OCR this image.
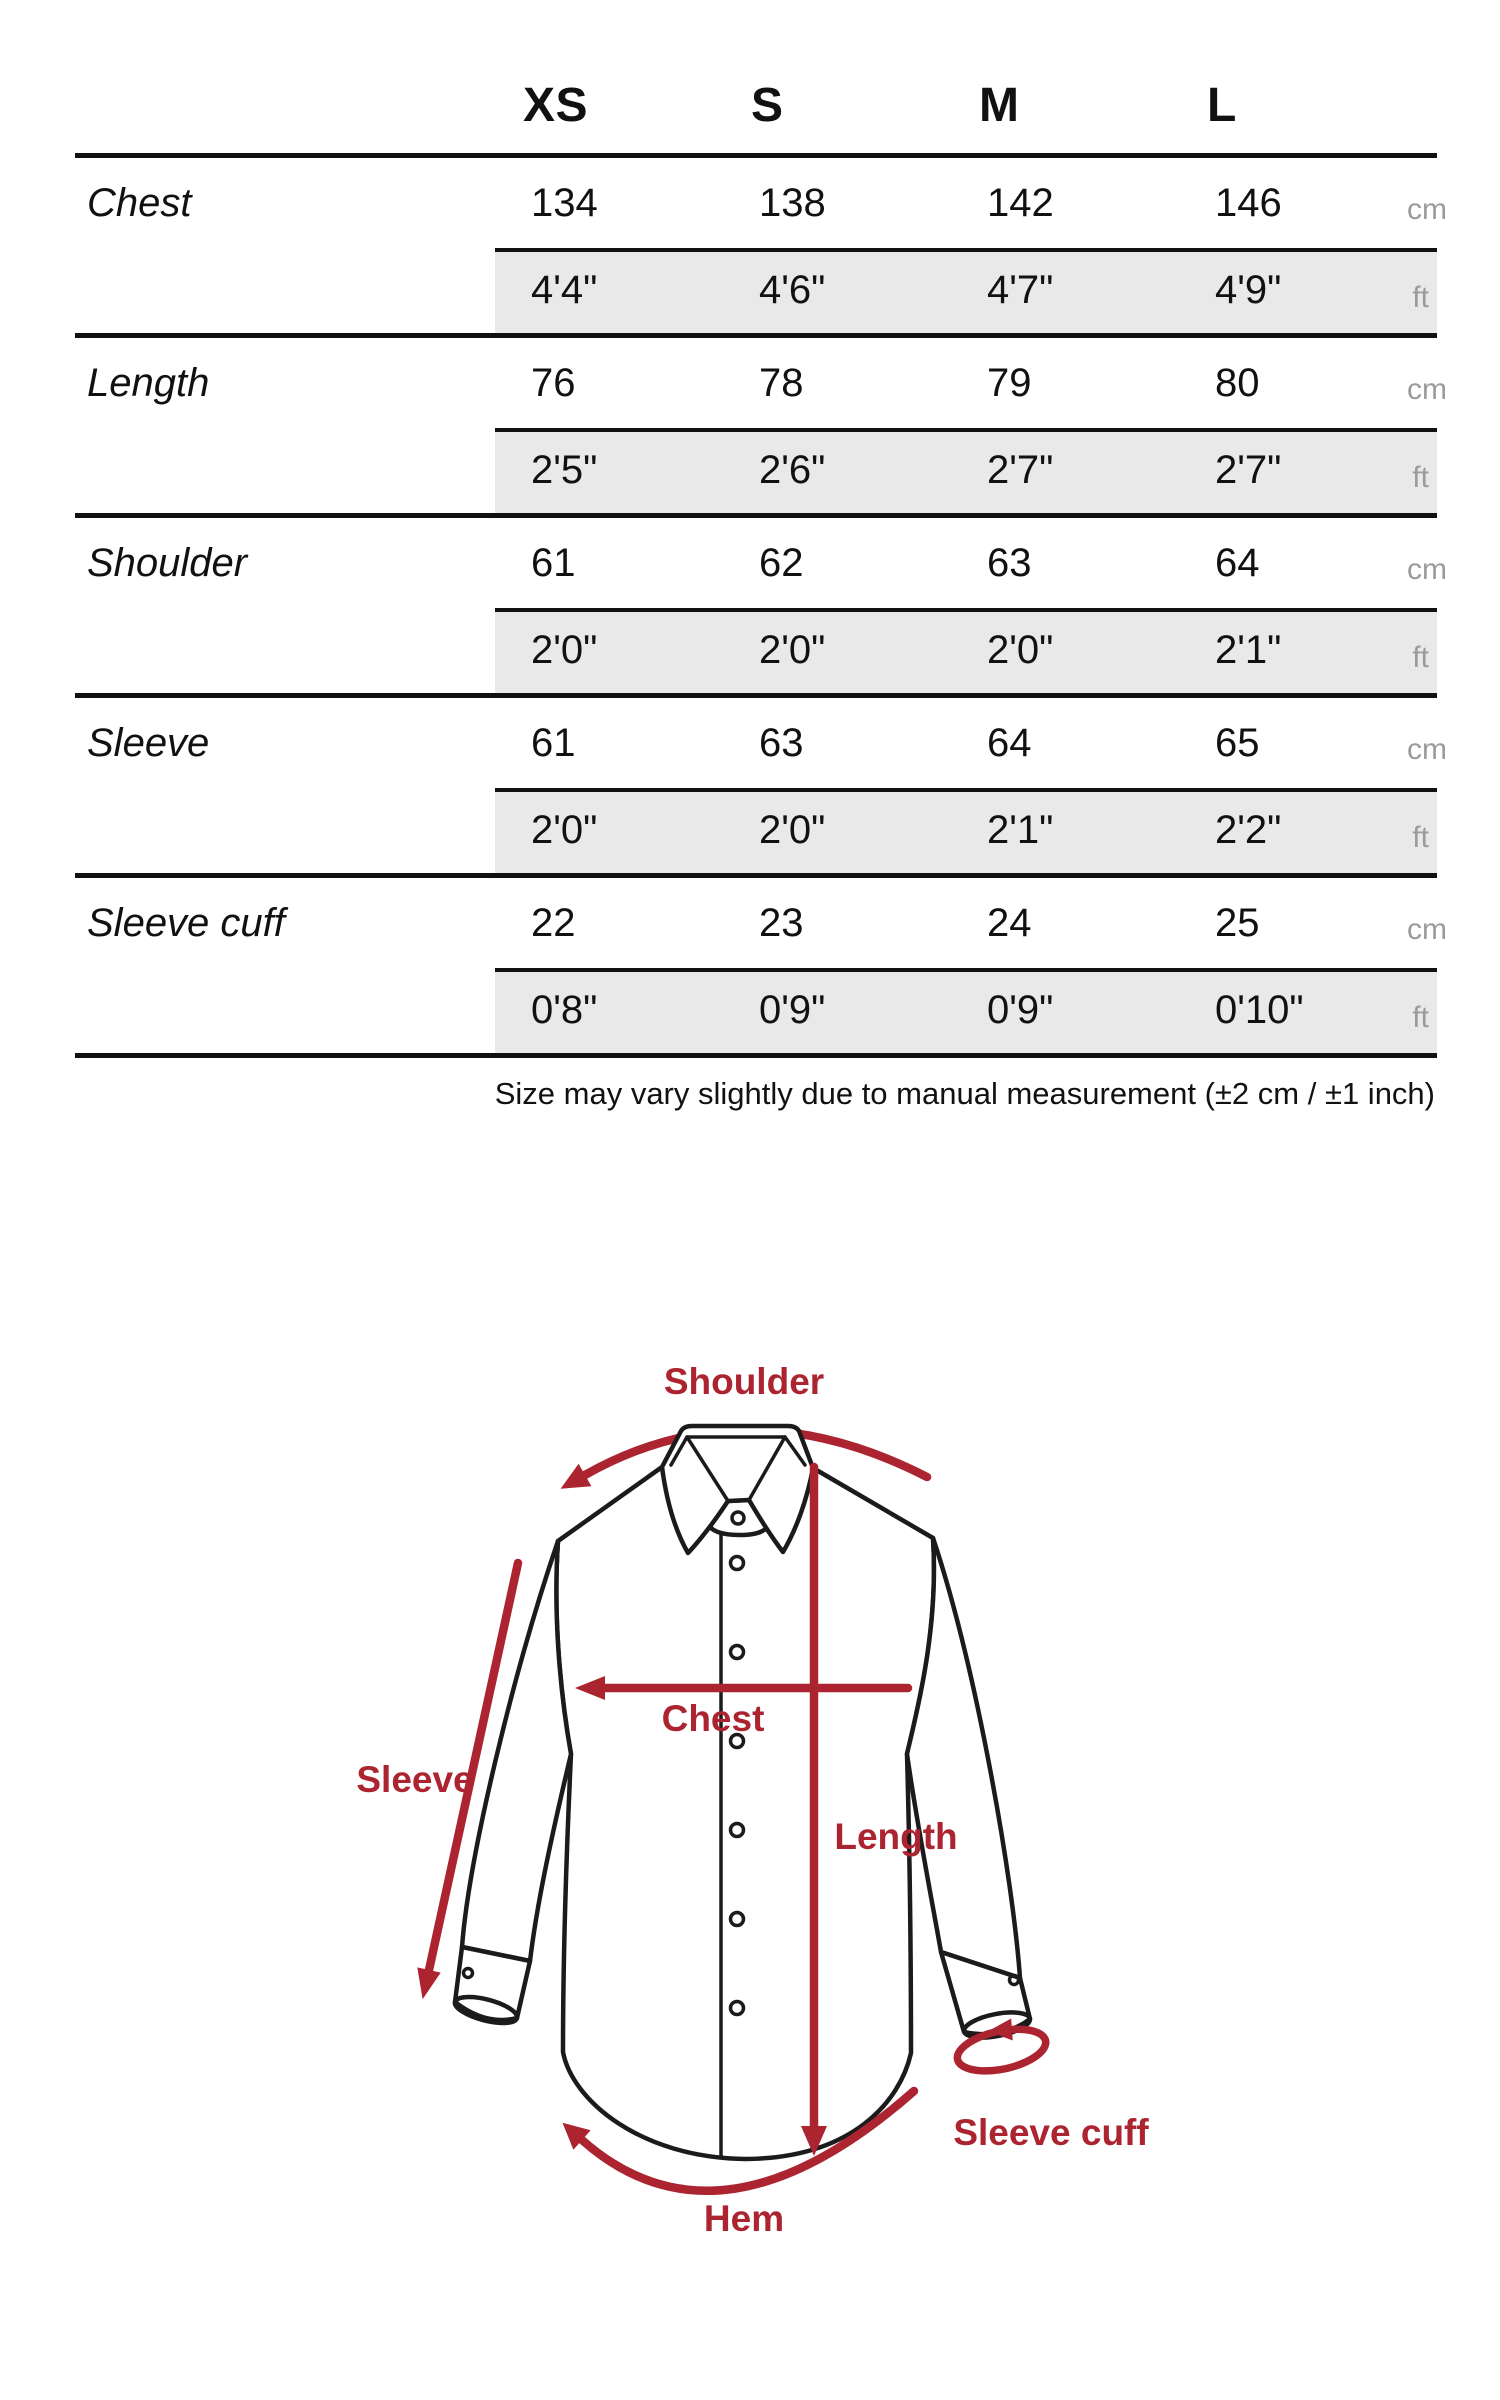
XS	S	M	L
Chest	134	138	142	146	cm
4'4"	4'6"	4'7"	4'9"	ft
Length	76	78	79	80	cm
2'5"	2'6"	2'7"	2'7"	ft
Shoulder	61	62	63	64	cm
2'0"	2'0"	2'0"	2'1"	ft
Sleeve	61	63	64	65	cm
2'0"	2'0"	2'1"	2'2"	ft
Sleeve cuff	22	23	24	25	cm
0'8"	0'9"	0'9"	0'10"	ft
Size may vary slightly due to manual measurement (±2 cm / ±1 inch)
Shoulder
Chest
Sleeve
Length
Sleeve cuff
Hem
